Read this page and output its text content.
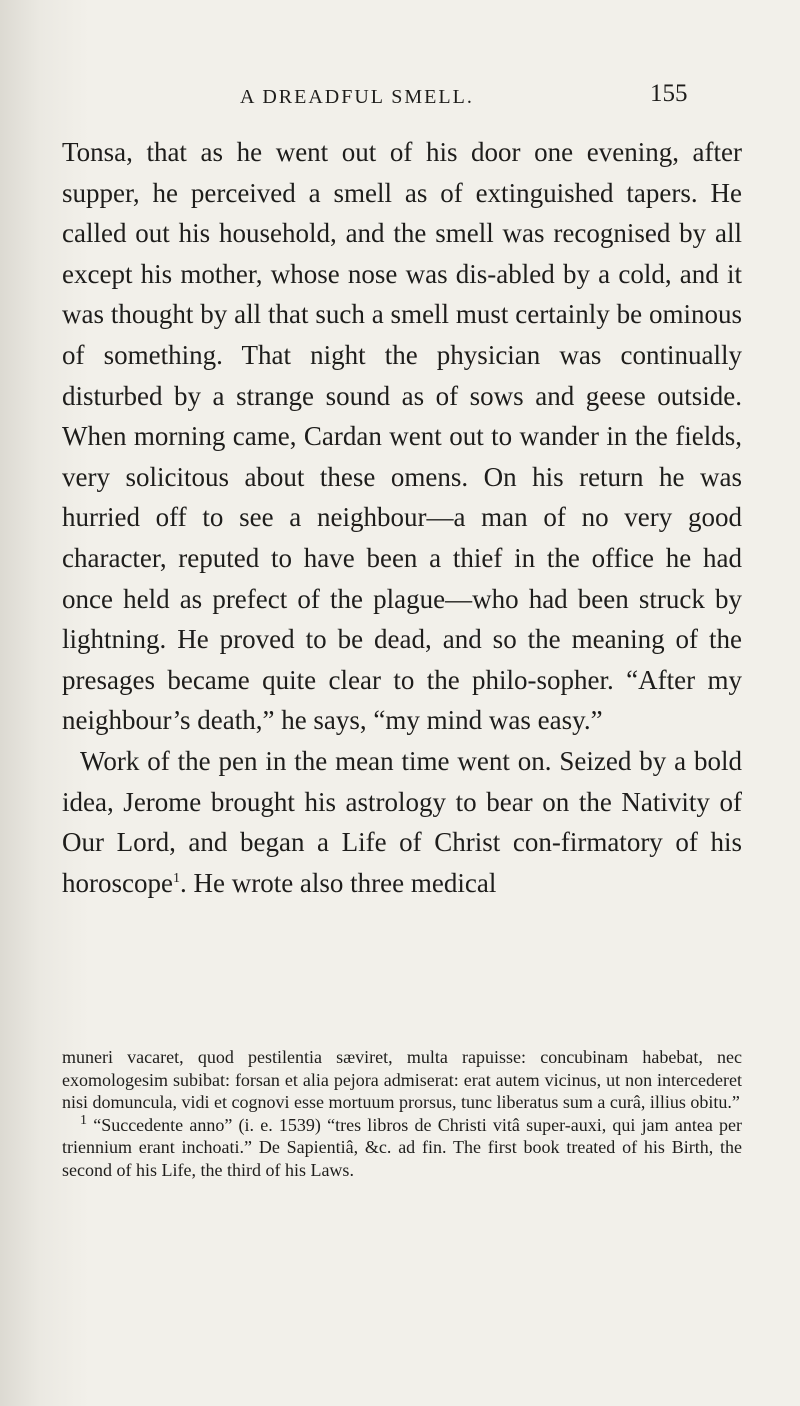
A DREADFUL SMELL.	155

Tonsa, that as he went out of his door one evening, after supper, he perceived a smell as of extinguished tapers. He called out his household, and the smell was recognised by all except his mother, whose nose was dis-abled by a cold, and it was thought by all that such a smell must certainly be ominous of something. That night the physician was continually disturbed by a strange sound as of sows and geese outside. When morning came, Cardan went out to wander in the fields, very solicitous about these omens. On his return he was hurried off to see a neighbour—a man of no very good character, reputed to have been a thief in the office he had once held as prefect of the plague—who had been struck by lightning. He proved to be dead, and so the meaning of the presages became quite clear to the philo-sopher. “After my neighbour’s death,” he says, “my mind was easy.”

Work of the pen in the mean time went on. Seized by a bold idea, Jerome brought his astrology to bear on the Nativity of Our Lord, and began a Life of Christ con-firmatory of his horoscope$^1$. He wrote also three medical

muneri vacaret, quod pestilentia sæviret, multa rapuisse: concubinam habebat, nec exomologesim subibat: forsan et alia pejora admiserat: erat autem vicinus, ut non intercederet nisi domuncula, vidi et cognovi esse mortuum prorsus, tunc liberatus sum a curâ, illius obitu.”

$^1$ “Succedente anno” (i. e. 1539) “tres libros de Christi vitâ super-auxi, qui jam antea per triennium erant inchoati.” De Sapientiâ, &c. ad fin. The first book treated of his Birth, the second of his Life, the third of his Laws.
